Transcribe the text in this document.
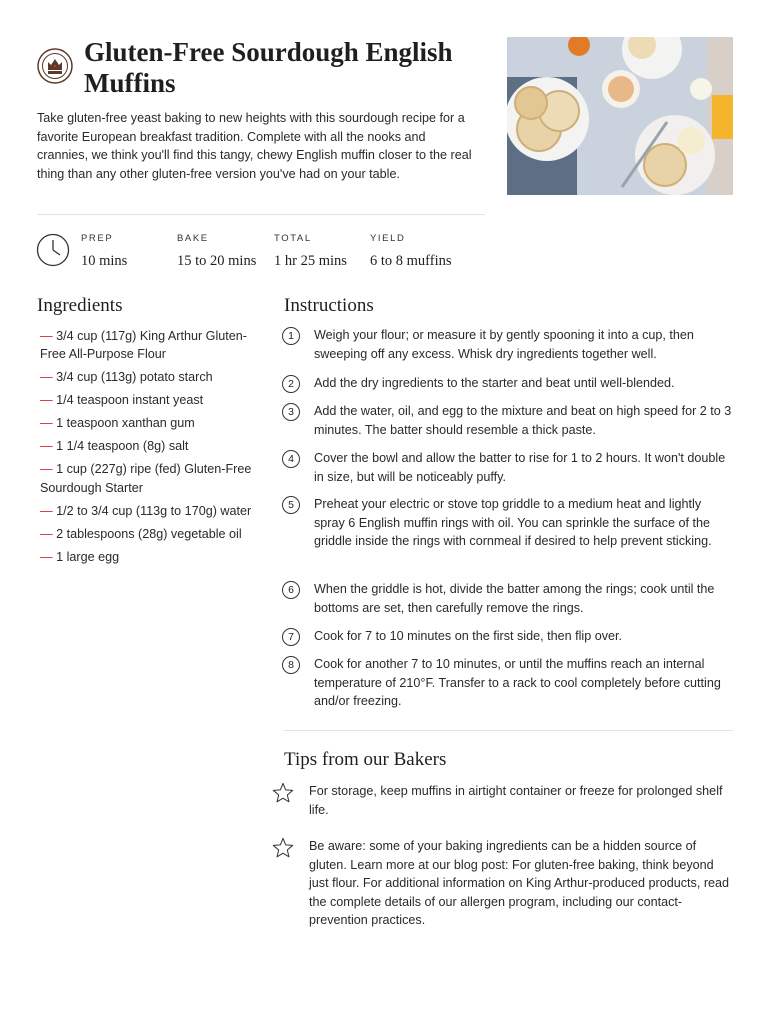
Gluten-Free Sourdough English Muffins

Take gluten-free yeast baking to new heights with this sourdough recipe for a favorite European breakfast tradition. Complete with all the nooks and crannies, we think you'll find this tangy, chewy English muffin closer to the real thing than any other gluten-free version you've had on your table.

PREP
10 mins
BAKE
15 to 20 mins
TOTAL
1 hr 25 mins
YIELD
6 to 8 muffins
Ingredients
— 3/4 cup (117g) King Arthur Gluten-Free All-Purpose Flour
— 3/4 cup (113g) potato starch
— 1/4 teaspoon instant yeast
— 1 teaspoon xanthan gum
— 1 1/4 teaspoon (8g) salt
— 1 cup (227g) ripe (fed) Gluten-Free Sourdough Starter
— 1/2 to 3/4 cup (113g to 170g) water
— 2 tablespoons (28g) vegetable oil
— 1 large egg
Instructions
1	Weigh your flour; or measure it by gently spooning it into a cup, then sweeping off any excess. Whisk dry ingredients together well.
2	Add the dry ingredients to the starter and beat until well-blended.
3	Add the water, oil, and egg to the mixture and beat on high speed for 2 to 3 minutes. The batter should resemble a thick paste.
4	Cover the bowl and allow the batter to rise for 1 to 2 hours. It won't double in size, but will be noticeably puffy.
5	Preheat your electric or stove top griddle to a medium heat and lightly spray 6 English muffin rings with oil. You can sprinkle the surface of the griddle inside the rings with cornmeal if desired to help prevent sticking.
6	When the griddle is hot, divide the batter among the rings; cook until the bottoms are set, then carefully remove the rings.
7	Cook for 7 to 10 minutes on the first side, then flip over.
8	Cook for another 7 to 10 minutes, or until the muffins reach an internal temperature of 210°F. Transfer to a rack to cool completely before cutting and/or freezing.
Tips from our Bakers
For storage, keep muffins in airtight container or freeze for prolonged shelf life.
Be aware: some of your baking ingredients can be a hidden source of gluten. Learn more at our blog post: For gluten-free baking, think beyond just flour. For additional information on King Arthur-produced products, read the complete details of our allergen program, including our contact-prevention practices.
